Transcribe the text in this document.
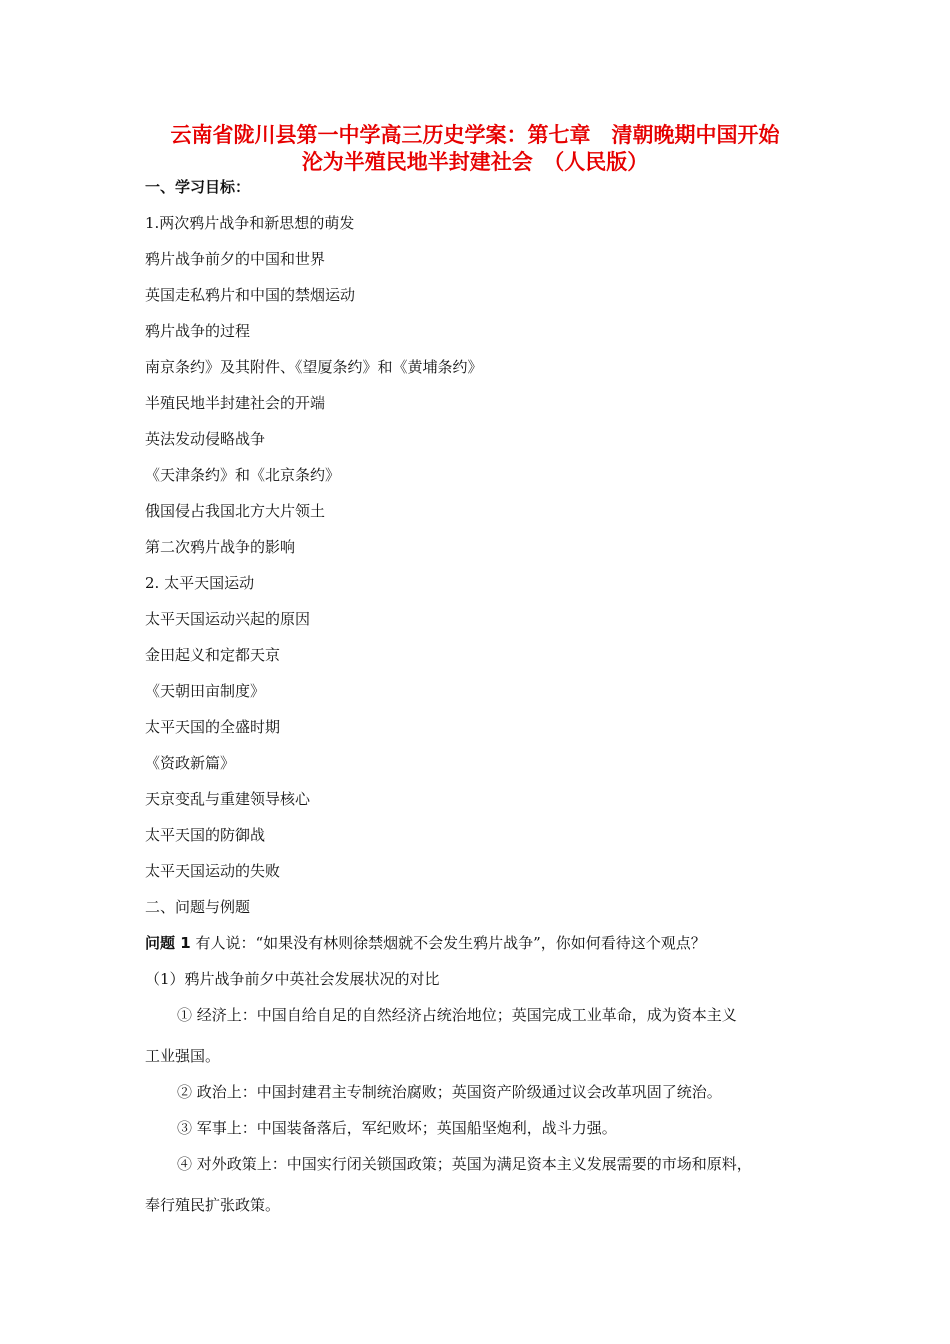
云南省陇川县第一中学高三历史学案：第七章　清朝晚期中国开始
沦为半殖民地半封建社会　（人民版）
一、学习目标：
1.两次鸦片战争和新思想的萌发
鸦片战争前夕的中国和世界
英国走私鸦片和中国的禁烟运动
鸦片战争的过程
南京条约》及其附件、《望厦条约》和《黄埔条约》
半殖民地半封建社会的开端
英法发动侵略战争
《天津条约》和《北京条约》
俄国侵占我国北方大片领土
第二次鸦片战争的影响
2. 太平天国运动
太平天国运动兴起的原因
金田起义和定都天京
《天朝田亩制度》
太平天国的全盛时期
《资政新篇》
天京变乱与重建领导核心
太平天国的防御战
太平天国运动的失败
二、问题与例题
问题 1 有人说：“如果没有林则徐禁烟就不会发生鸦片战争”，你如何看待这个观点？
（1）鸦片战争前夕中英社会发展状况的对比
① 经济上：中国自给自足的自然经济占统治地位；英国完成工业革命，成为资本主义
工业强国。
② 政治上：中国封建君主专制统治腐败；英国资产阶级通过议会改革巩固了统治。
③ 军事上：中国装备落后，军纪败坏；英国船坚炮利，战斗力强。
④ 对外政策上：中国实行闭关锁国政策；英国为满足资本主义发展需要的市场和原料，
奉行殖民扩张政策。
